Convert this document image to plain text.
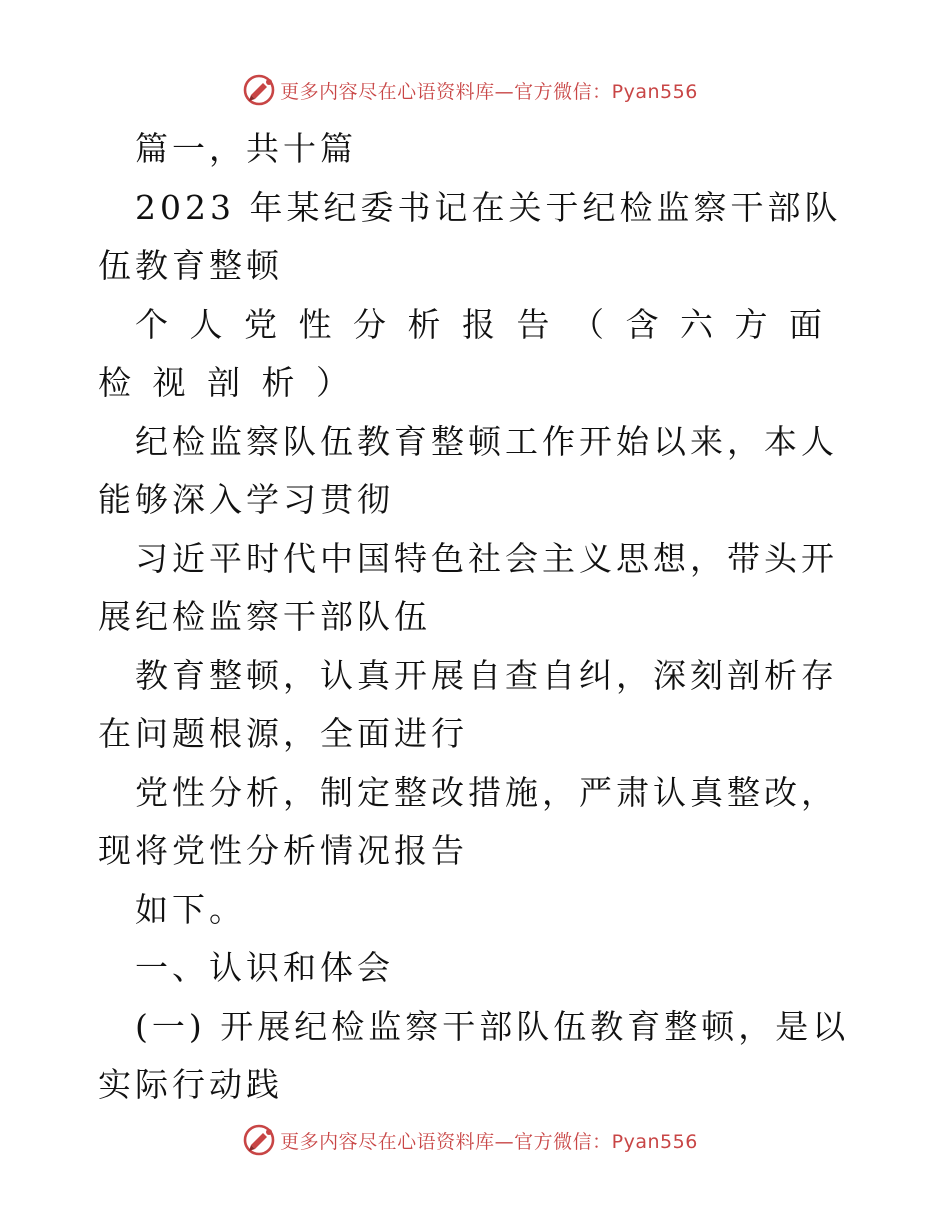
更多内容尽在心语资料库—官方微信：Pyan556

篇一，共十篇

2023 年某纪委书记在关于纪检监察干部队伍教育整顿

个人党性分析报告（含六方面检视剖析）

纪检监察队伍教育整顿工作开始以来，本人能够深入学习贯彻

习近平时代中国特色社会主义思想，带头开展纪检监察干部队伍

教育整顿，认真开展自查自纠，深刻剖析存在问题根源，全面进行

党性分析，制定整改措施，严肃认真整改，现将党性分析情况报告

如下。

一、认识和体会

(一) 开展纪检监察干部队伍教育整顿，是以实际行动践

更多内容尽在心语资料库—官方微信：Pyan556
